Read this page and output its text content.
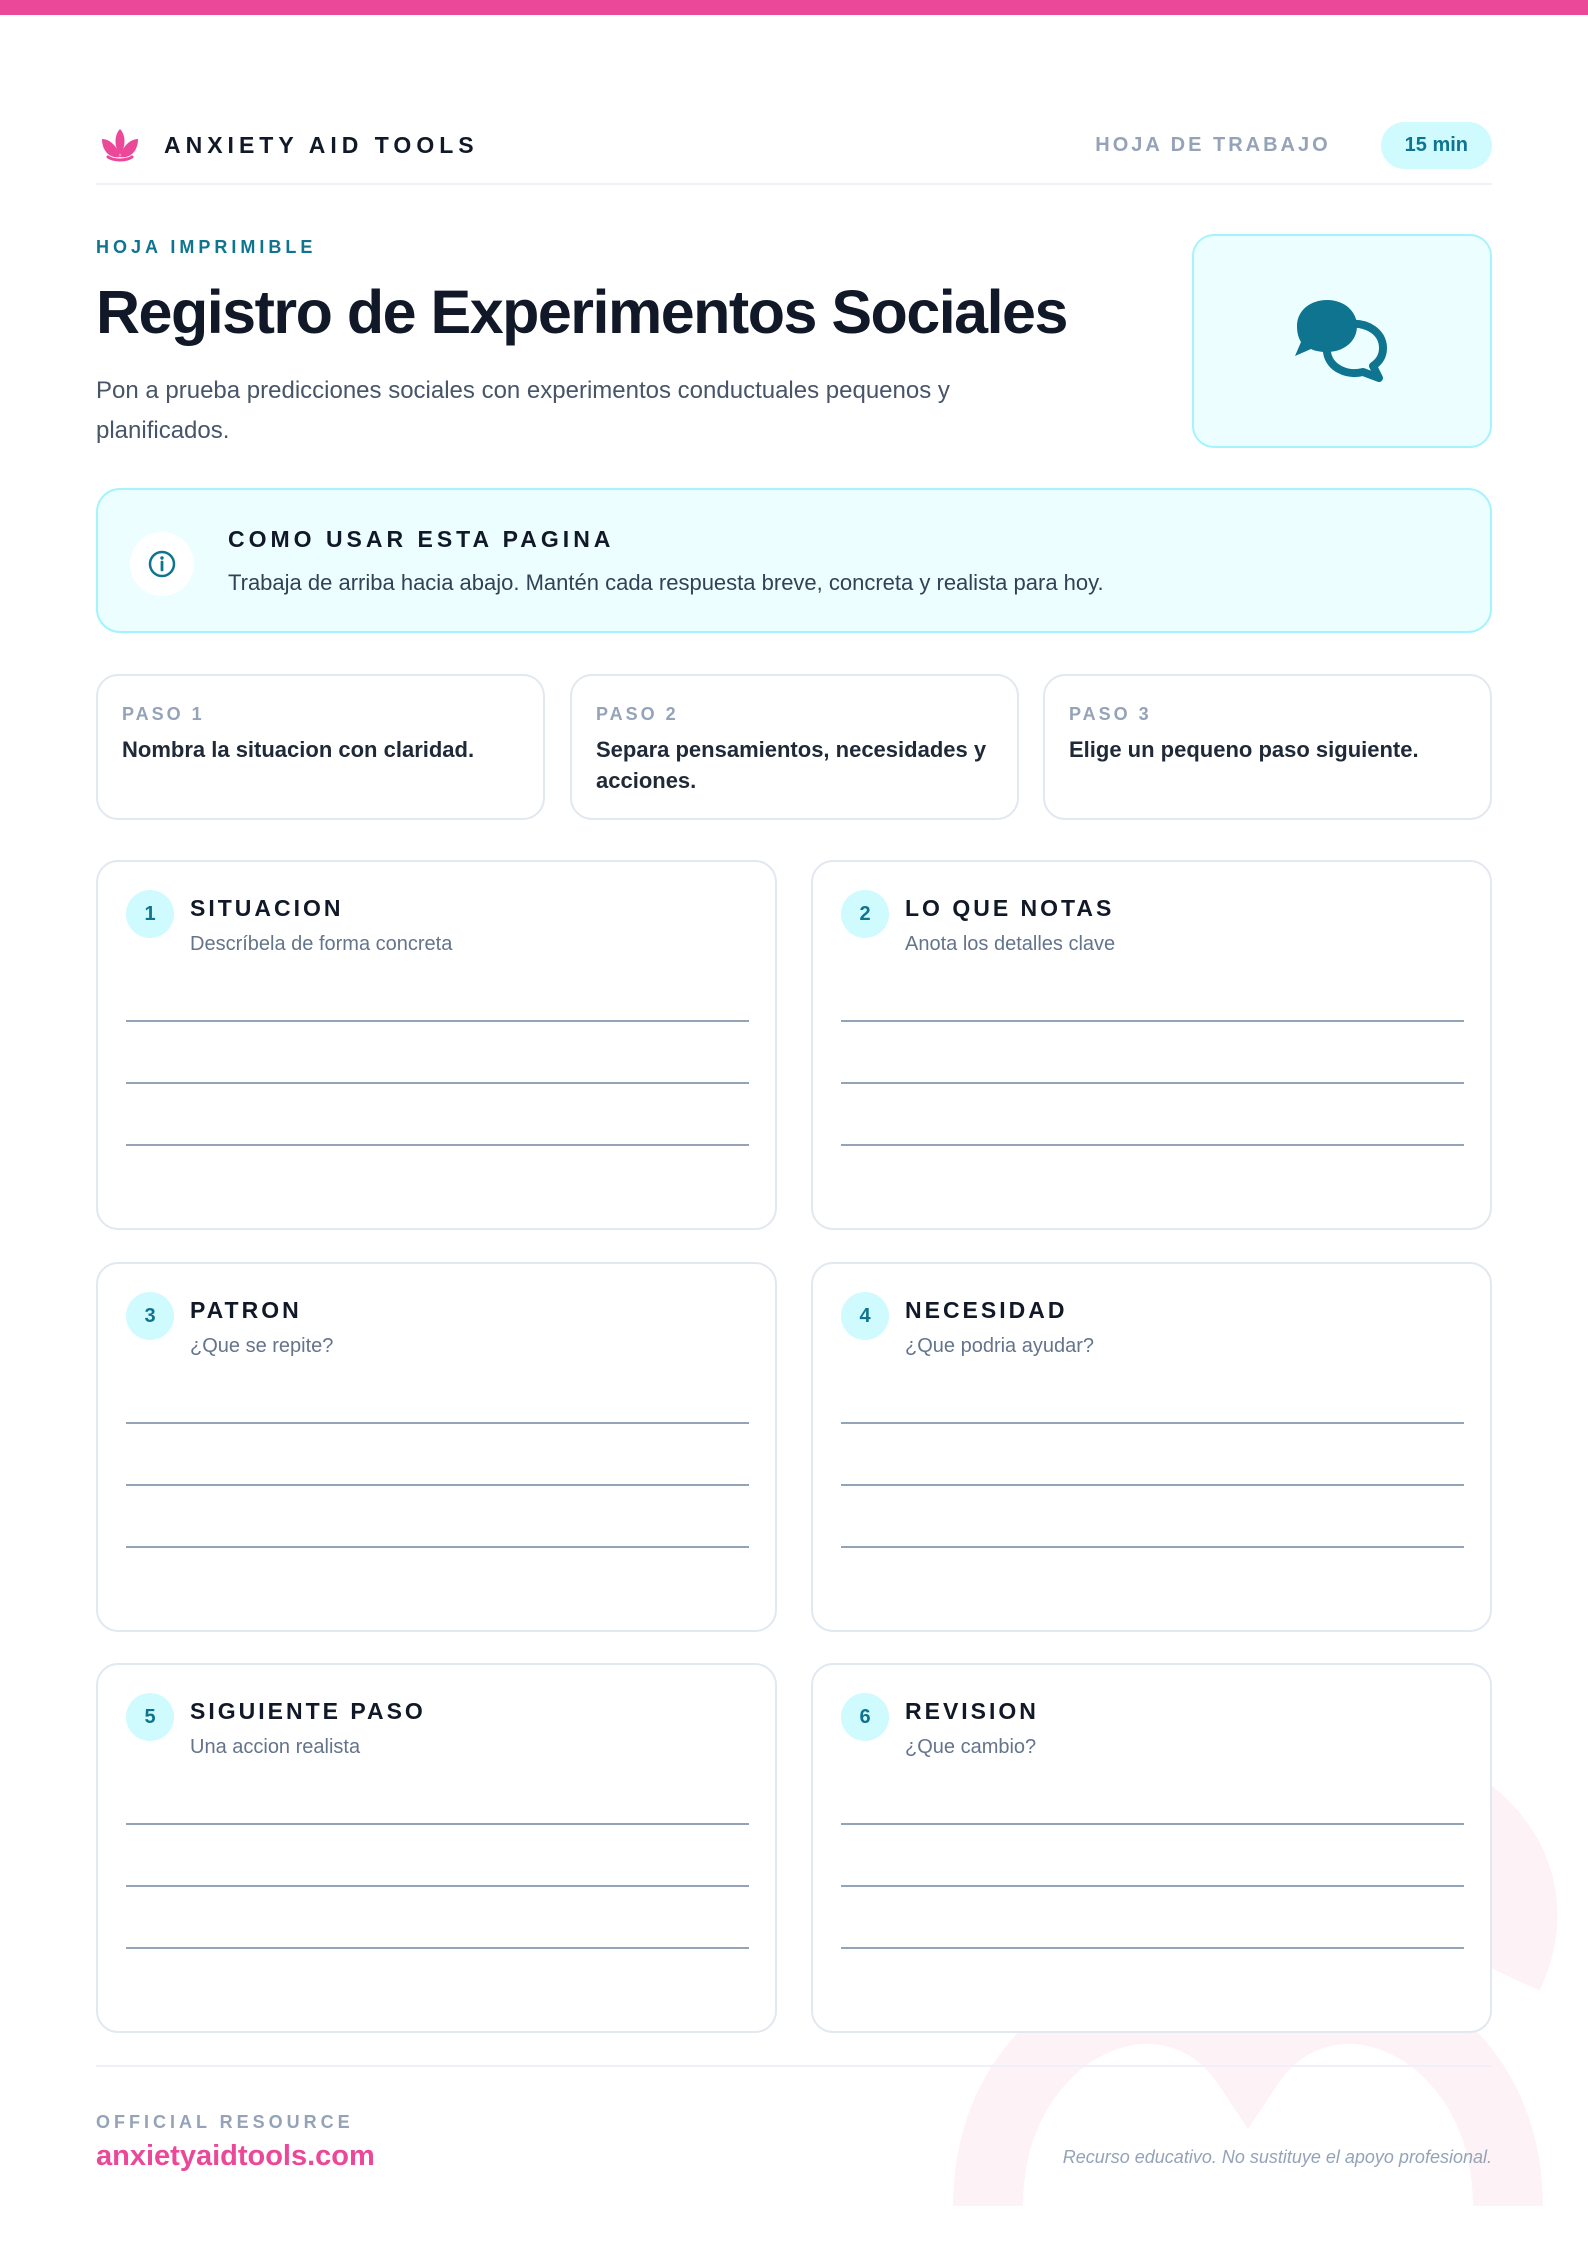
ANXIETY AID TOOLS	HOJA DE TRABAJO	15 min
HOJA IMPRIMIBLE
Registro de Experimentos Sociales

Pon a prueba predicciones sociales con experimentos conductuales pequenos y planificados.

COMO USAR ESTA PAGINA
Trabaja de arriba hacia abajo. Mantén cada respuesta breve, concreta y realista para hoy.
PASO 1
Nombra la situacion con claridad.
PASO 2
Separa pensamientos, necesidades y acciones.
PASO 3
Elige un pequeno paso siguiente.
1	SITUACION
Descríbela de forma concreta
2	LO QUE NOTAS
Anota los detalles clave
3	PATRON
¿Que se repite?
4	NECESIDAD
¿Que podria ayudar?
5	SIGUIENTE PASO
Una accion realista
6	REVISION
¿Que cambio?
OFFICIAL RESOURCE
anxietyaidtools.com	Recurso educativo. No sustituye el apoyo profesional.
